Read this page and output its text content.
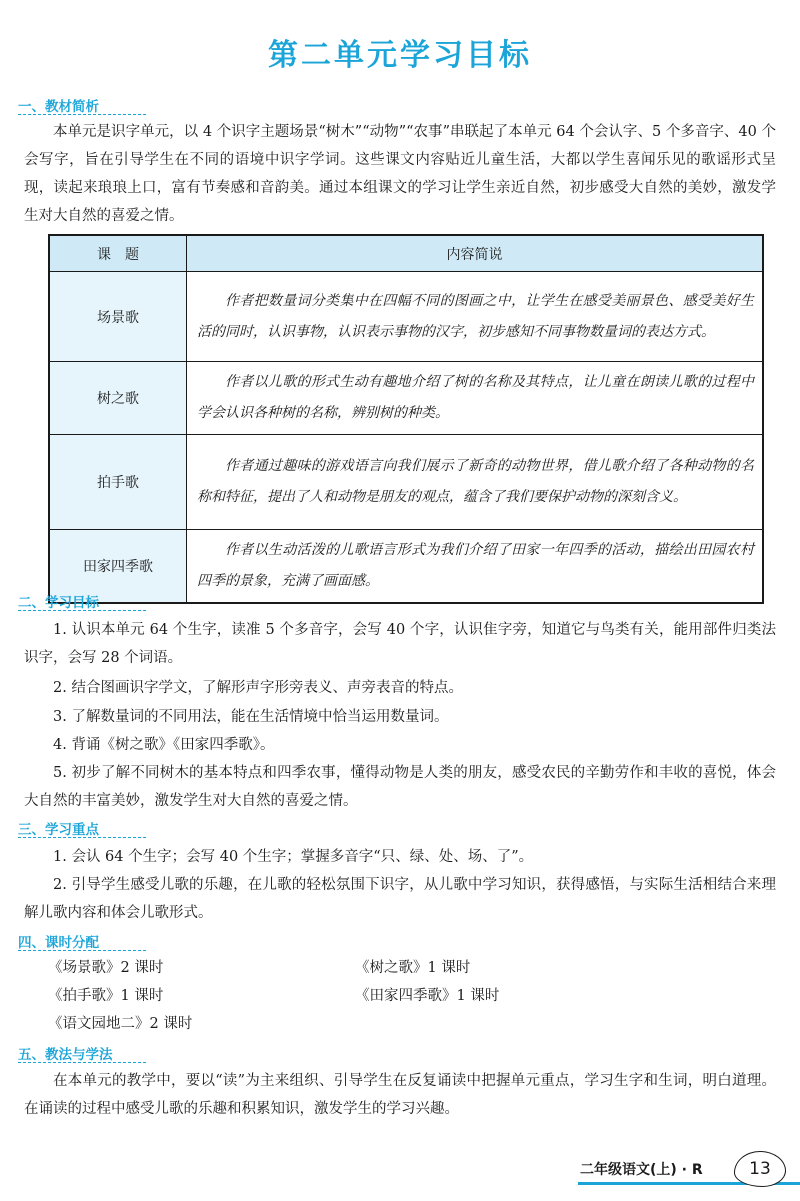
第二单元学习目标
一、教材简析

本单元是识字单元，以 4 个识字主题场景“树木”“动物”“农事”串联起了本单元 64 个会认字、5 个多音字、40 个会写字，旨在引导学生在不同的语境中识字学词。这些课文内容贴近儿童生活，大都以学生喜闻乐见的歌谣形式呈现，读起来琅琅上口，富有节奏感和音韵美。通过本组课文的学习让学生亲近自然，初步感受大自然的美妙，激发学生对大自然的喜爱之情。

课　题	内容简说
场景歌	作者把数量词分类集中在四幅不同的图画之中，让学生在感受美丽景色、感受美好生活的同时，认识事物，认识表示事物的汉字，初步感知不同事物数量词的表达方式。
树之歌	作者以儿歌的形式生动有趣地介绍了树的名称及其特点，让儿童在朗读儿歌的过程中学会认识各种树的名称，辨别树的种类。
拍手歌	作者通过趣味的游戏语言向我们展示了新奇的动物世界，借儿歌介绍了各种动物的名称和特征，提出了人和动物是朋友的观点，蕴含了我们要保护动物的深刻含义。
田家四季歌	作者以生动活泼的儿歌语言形式为我们介绍了田家一年四季的活动，描绘出田园农村四季的景象，充满了画面感。
二、学习目标
1. 认识本单元 64 个生字，读准 5 个多音字，会写 40 个字，认识隹字旁，知道它与鸟类有关，能用部件归类法识字，会写 28 个词语。
2. 结合图画识字学文，了解形声字形旁表义、声旁表音的特点。
3. 了解数量词的不同用法，能在生活情境中恰当运用数量词。
4. 背诵《树之歌》《田家四季歌》。
5. 初步了解不同树木的基本特点和四季农事，懂得动物是人类的朋友，感受农民的辛勤劳作和丰收的喜悦，体会大自然的丰富美妙，激发学生对大自然的喜爱之情。
三、学习重点
1. 会认 64 个生字；会写 40 个生字；掌握多音字“只、绿、处、场、了”。
2. 引导学生感受儿歌的乐趣，在儿歌的轻松氛围下识字，从儿歌中学习知识，获得感悟，与实际生活相结合来理解儿歌内容和体会儿歌形式。
四、课时分配
《场景歌》2 课时	《树之歌》1 课时
《拍手歌》1 课时	《田家四季歌》1 课时
《语文园地二》2 课时
五、教法与学法

在本单元的教学中，要以“读”为主来组织、引导学生在反复诵读中把握单元重点，学习生字和生词，明白道理。在诵读的过程中感受儿歌的乐趣和积累知识，激发学生的学习兴趣。

二年级语文(上) · R	13
